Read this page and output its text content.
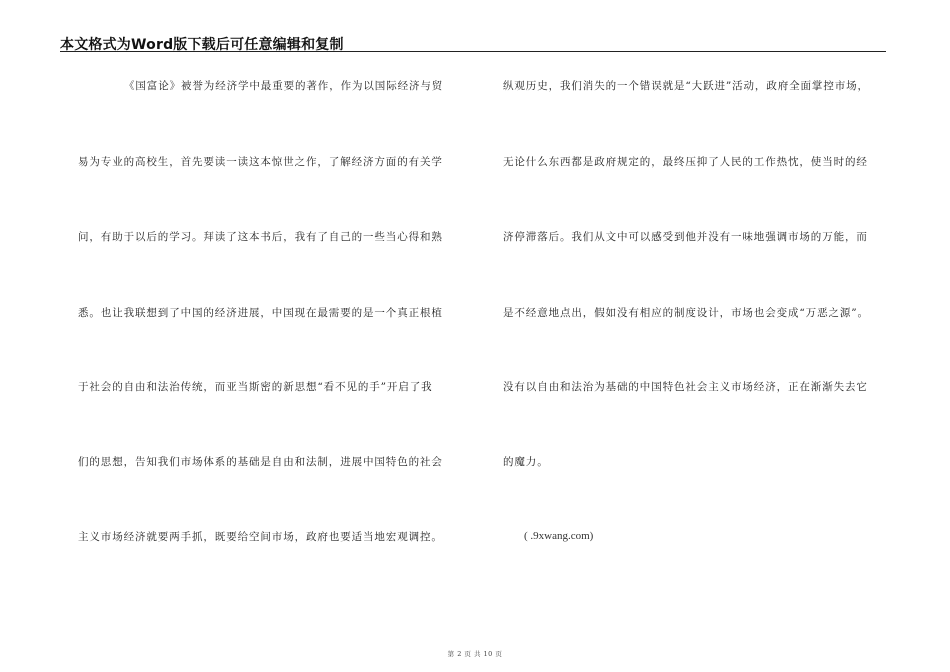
本文格式为Word版下载后可任意编辑和复制
《国富论》被誉为经济学中最重要的著作，作为以国际经济与贸
易为专业的高校生，首先要读一读这本惊世之作，了解经济方面的有关学
问，有助于以后的学习。拜读了这本书后，我有了自己的一些当心得和熟
悉。也让我联想到了中国的经济进展，中国现在最需要的是一个真正根植
于社会的自由和法治传统，而亚当斯密的新思想“看不见的手”开启了我
们的思想，告知我们市场体系的基础是自由和法制，进展中国特色的社会
主义市场经济就要两手抓，既要给空间市场，政府也要适当地宏观调控。
纵观历史，我们消失的一个错误就是“大跃进”活动，政府全面掌控市场，
无论什么东西都是政府规定的，最终压抑了人民的工作热忱，使当时的经
济停滞落后。我们从文中可以感受到他并没有一味地强调市场的万能，而
是不经意地点出，假如没有相应的制度设计，市场也会变成“万恶之源”。
没有以自由和法治为基础的中国特色社会主义市场经济，正在渐渐失去它
的魔力。
( .9xwang.com)
第 2 页 共 10 页
